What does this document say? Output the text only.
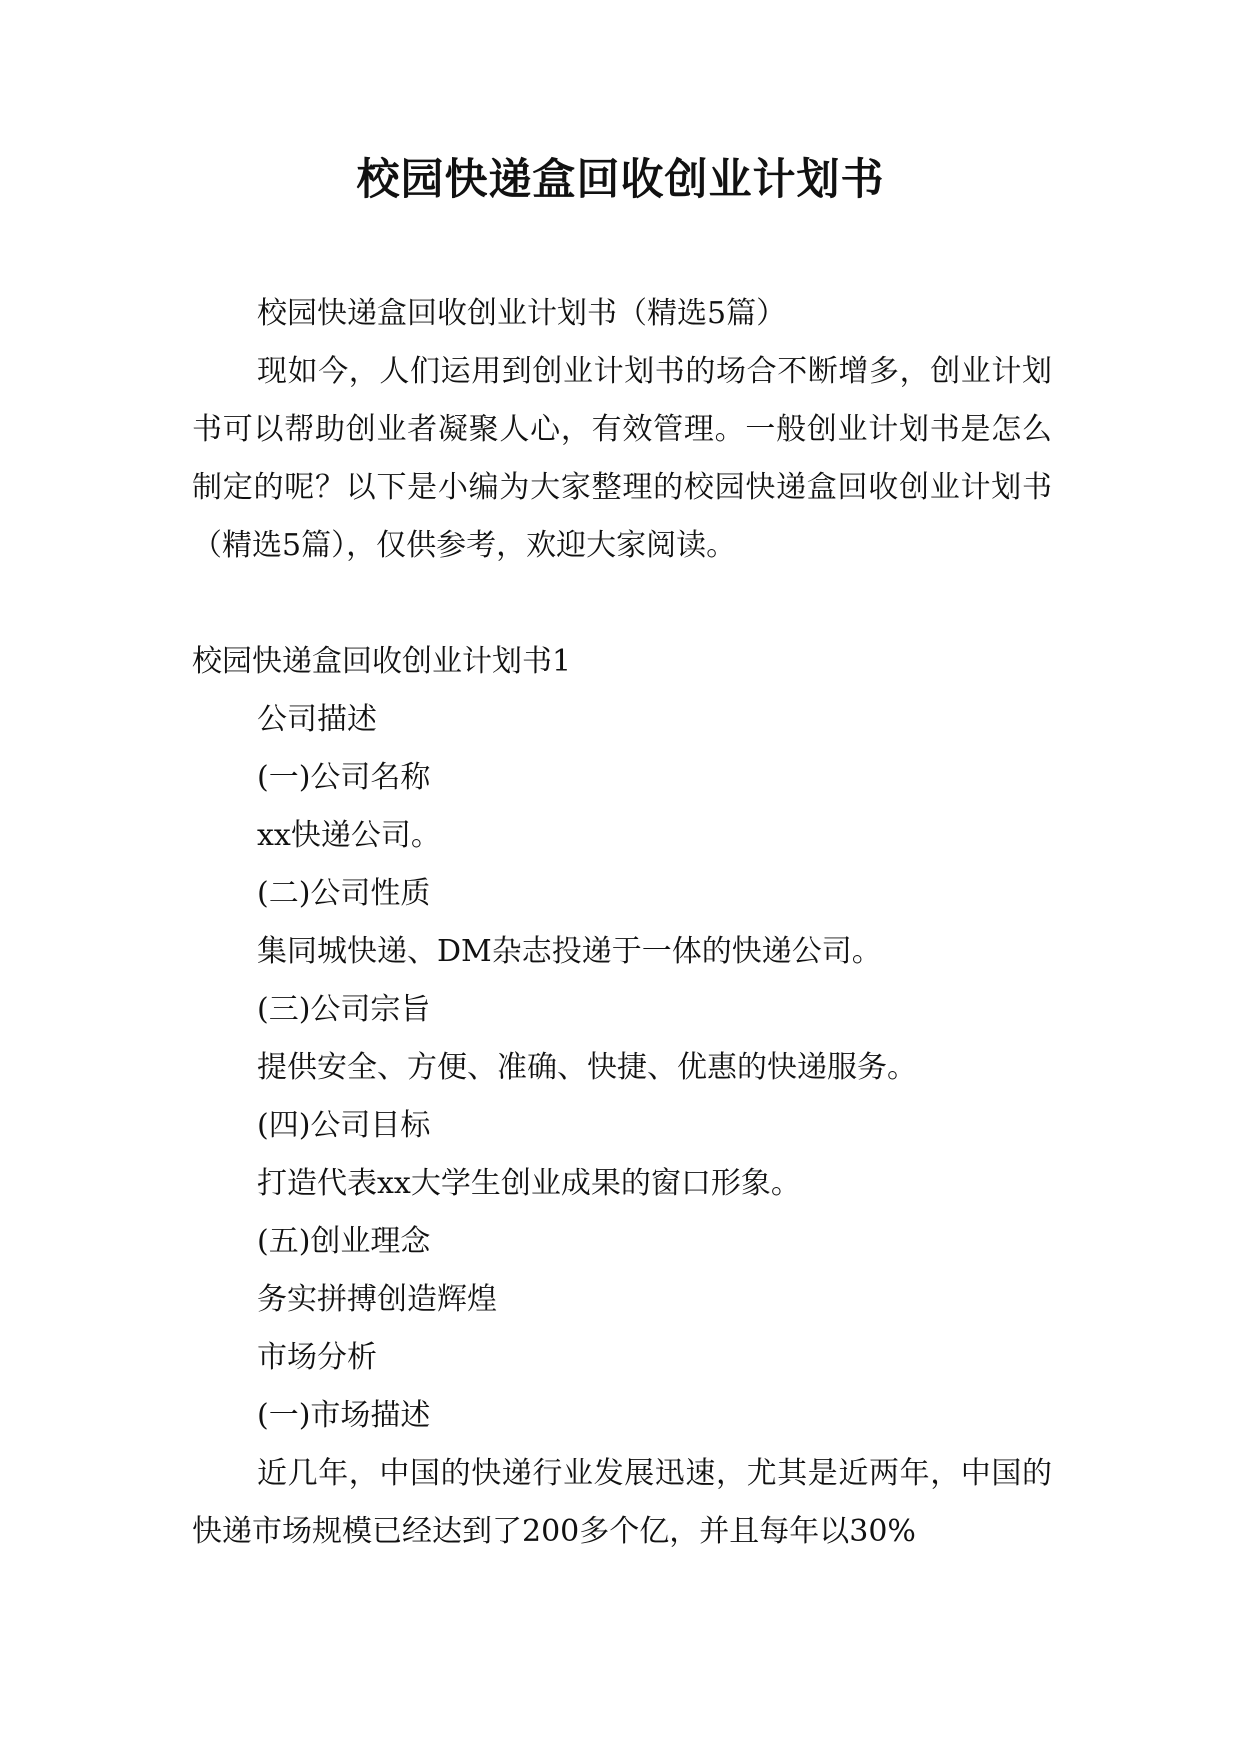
校园快递盒回收创业计划书

校园快递盒回收创业计划书（精选5篇）

现如今，人们运用到创业计划书的场合不断增多，创业计划书可以帮助创业者凝聚人心，有效管理。一般创业计划书是怎么制定的呢？以下是小编为大家整理的校园快递盒回收创业计划书（精选5篇），仅供参考，欢迎大家阅读。

校园快递盒回收创业计划书1

公司描述

(一)公司名称

xx快递公司。

(二)公司性质

集同城快递、DM杂志投递于一体的快递公司。

(三)公司宗旨

提供安全、方便、准确、快捷、优惠的快递服务。

(四)公司目标

打造代表xx大学生创业成果的窗口形象。

(五)创业理念

务实拼搏创造辉煌

市场分析

(一)市场描述

近几年，中国的快递行业发展迅速，尤其是近两年，中国的快递市场规模已经达到了200多个亿，并且每年以30%
